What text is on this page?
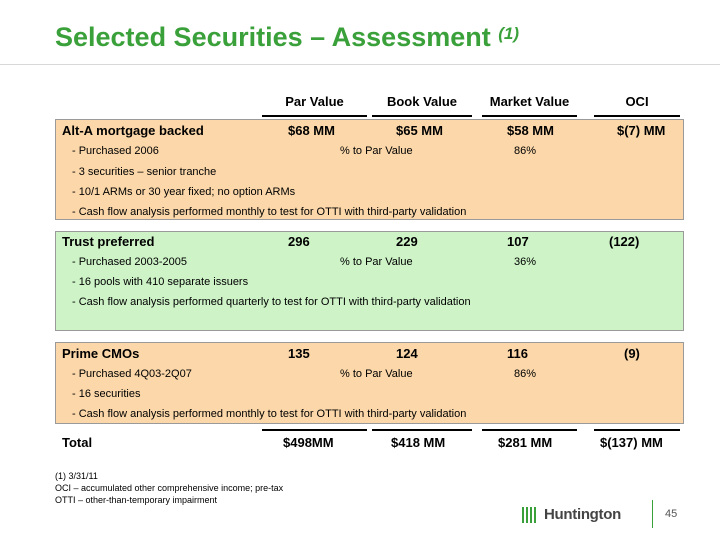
Selected Securities – Assessment $^{(1)}$
Par Value	Book Value	Market Value	OCI
Alt-A mortgage backed	$68 MM	$65 MM	$58 MM	$(7) MM
- Purchased 2006	% to Par Value	86%
- 3 securities – senior tranche
- 10/1 ARMs or 30 year fixed; no option ARMs
- Cash flow analysis performed monthly to test for OTTI with third-party validation
Trust preferred	296	229	107	(122)
- Purchased 2003-2005	% to Par Value	36%
- 16 pools with 410 separate issuers
- Cash flow analysis performed quarterly to test for OTTI with third-party validation
Prime CMOs	135	124	116	(9)
- Purchased 4Q03-2Q07	% to Par Value	86%
- 16 securities
- Cash flow analysis performed monthly to test for OTTI with third-party validation
Total	$498MM	$418 MM	$281 MM	$(137) MM
(1) 3/31/11
OCI – accumulated other comprehensive income; pre-tax
OTTI – other-than-temporary impairment
Huntington	45
